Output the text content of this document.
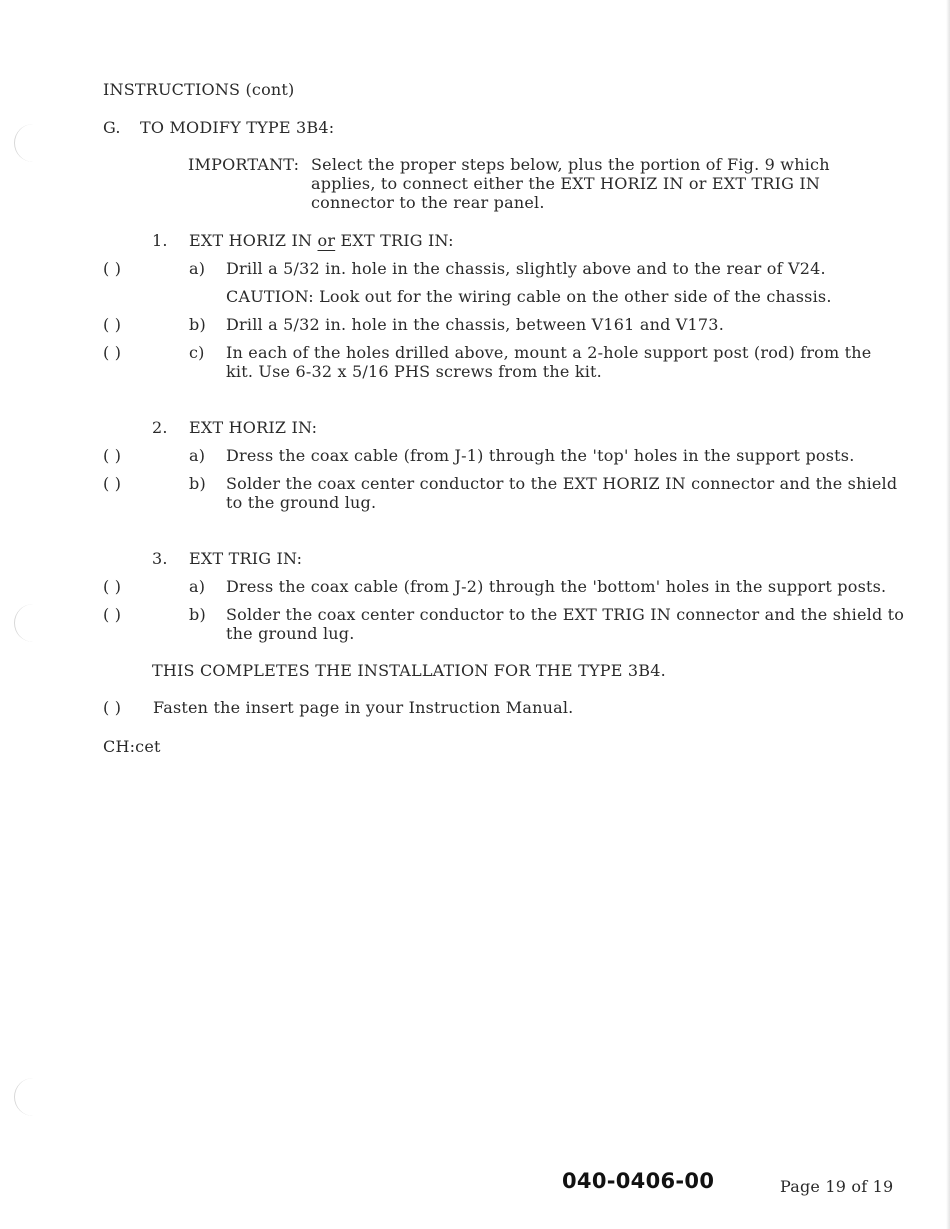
INSTRUCTIONS (cont)
G. TO MODIFY TYPE 3B4:
IMPORTANT: Select the proper steps below, plus the portion of Fig. 9 which
applies, to connect either the EXT HORIZ IN or EXT TRIG IN
connector to the rear panel.
1. EXT HORIZ IN or EXT TRIG IN:
( )	a) Drill a 5/32 in. hole in the chassis, slightly above and to the rear of V24.
CAUTION: Look out for the wiring cable on the other side of the chassis.
( )	b) Drill a 5/32 in. hole in the chassis, between V161 and V173.
( )	c) In each of the holes drilled above, mount a 2-hole support post (rod) from the
kit. Use 6-32 x 5/16 PHS screws from the kit.
2. EXT HORIZ IN:
( )	a) Dress the coax cable (from J-1) through the 'top' holes in the support posts.
( )	b) Solder the coax center conductor to the EXT HORIZ IN connector and the shield
to the ground lug.
3. EXT TRIG IN:
( )	a) Dress the coax cable (from J-2) through the 'bottom' holes in the support posts.
( )	b) Solder the coax center conductor to the EXT TRIG IN connector and the shield to
the ground lug.
THIS COMPLETES THE INSTALLATION FOR THE TYPE 3B4.
( ) Fasten the insert page in your Instruction Manual.
CH:cet
040-0406-00	Page 19 of 19
